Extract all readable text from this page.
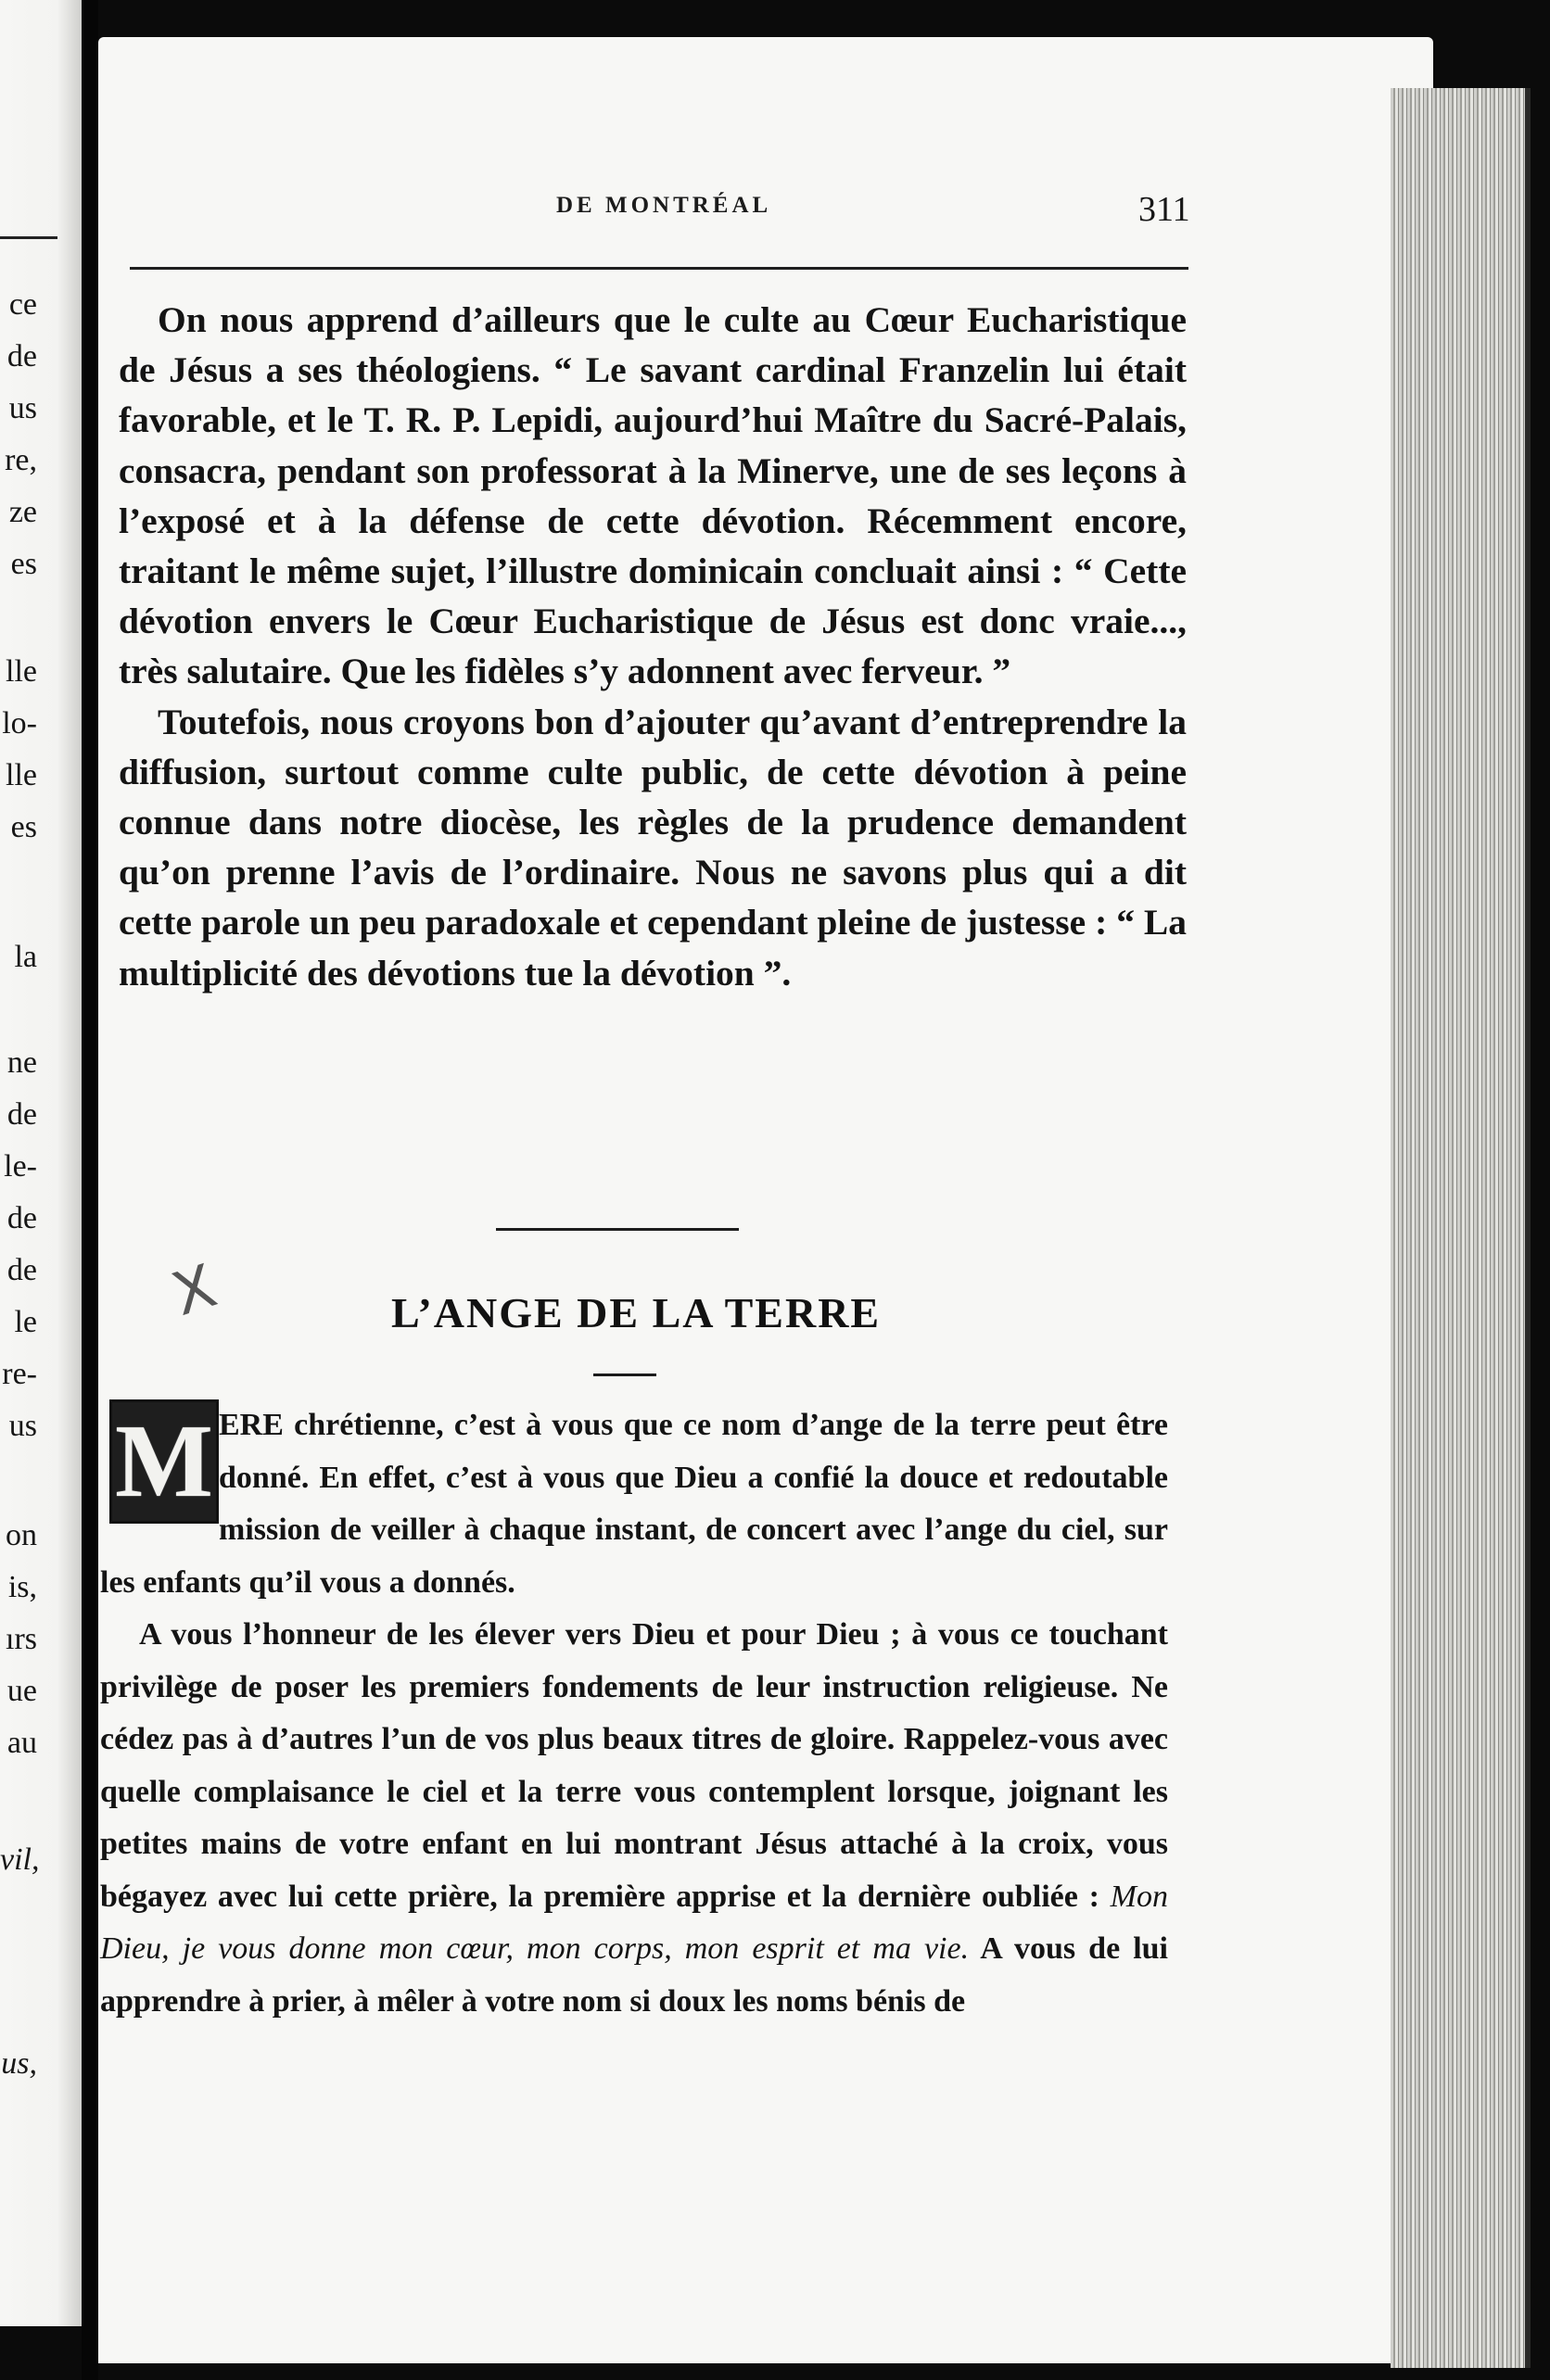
ce
de
us
re,
ze
es
lle
lo-
lle
es
la
ne
de
le-
de
de
le
re-
us
on
is,
ırs
ue
au
vil,
us,
DE MONTRÉAL	311

On nous apprend d’ailleurs que le culte au Cœur Eucharistique de Jésus a ses théologiens. “ Le savant cardinal Franzelin lui était favorable, et le T. R. P. Lepidi, aujourd’hui Maître du Sacré-Palais, consacra, pendant son professorat à la Minerve, une de ses leçons à l’exposé et à la défense de cette dévotion. Récemment encore, traitant le même sujet, l’illustre dominicain concluait ainsi : “ Cette dévotion envers le Cœur Eucharistique de Jésus est donc vraie..., très salutaire. Que les fidèles s’y adonnent avec ferveur. ”

Toutefois, nous croyons bon d’ajouter qu’avant d’entreprendre la diffusion, surtout comme culte public, de cette dévotion à peine connue dans notre diocèse, les règles de la prudence demandent qu’on prenne l’avis de l’ordinaire. Nous ne savons plus qui a dit cette parole un peu paradoxale et cependant pleine de justesse : “ La multiplicité des dévotions tue la dévotion ”.

X	L’ANGE DE LA TERRE

ERE chrétienne, c’est à vous que ce nom d’ange de la terre peut être donné. En effet, c’est à vous que Dieu a confié la douce et redoutable mission de veiller à chaque instant, de concert avec l’ange du ciel, sur les enfants qu’il vous a donnés.

A vous l’honneur de les élever vers Dieu et pour Dieu ; à vous ce touchant privilège de poser les premiers fondements de leur instruction religieuse. Ne cédez pas à d’autres l’un de vos plus beaux titres de gloire. Rappelez-vous avec quelle complaisance le ciel et la terre vous contemplent lorsque, joignant les petites mains de votre enfant en lui montrant Jésus attaché à la croix, vous bégayez avec lui cette prière, la première apprise et la dernière oubliée : Mon Dieu, je vous donne mon cœur, mon corps, mon esprit et ma vie. A vous de lui apprendre à prier, à mêler à votre nom si doux les noms bénis de

M
